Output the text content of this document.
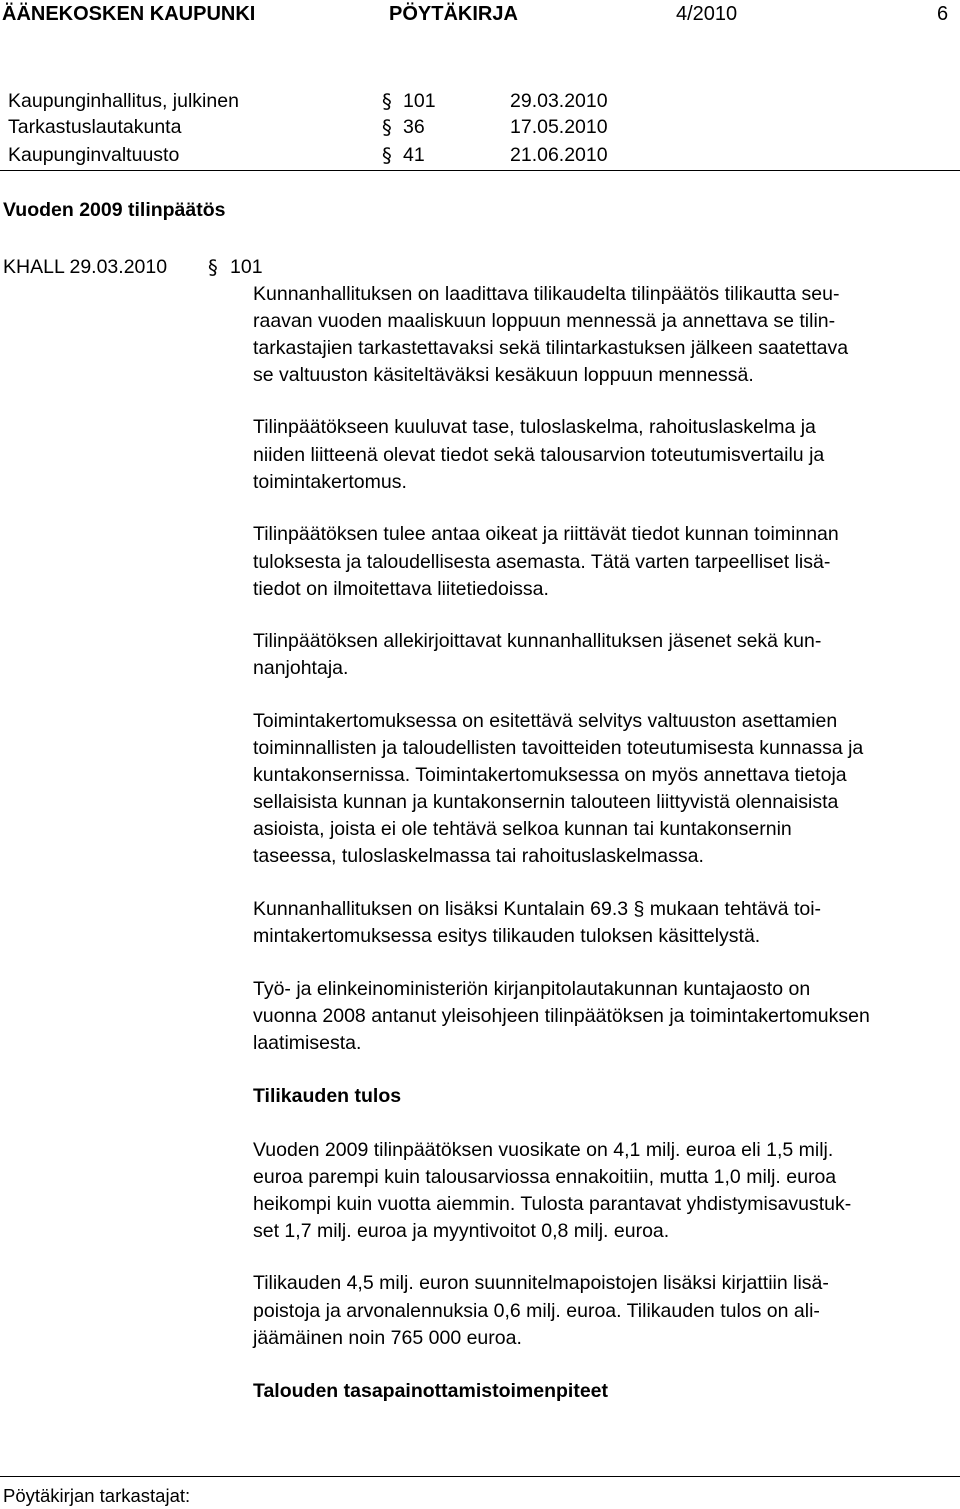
ÄÄNEKOSKEN KAUPUNKI	PÖYTÄKIRJA	4/2010	6
Kaupunginhallitus, julkinen	§ 101	29.03.2010
Tarkastuslautakunta	§ 36	17.05.2010
Kaupunginvaltuusto	§ 41	21.06.2010
Vuoden 2009 tilinpäätös
KHALL 29.03.2010 § 101
Kunnanhallituksen on laadittava tilikaudelta tilinpäätös tilikautta seu-
raavan vuoden maaliskuun loppuun mennessä ja annettava se tilin-
tarkastajien tarkastettavaksi sekä tilintarkastuksen jälkeen saatettava
se valtuuston käsiteltäväksi kesäkuun loppuun mennessä.
Tilinpäätökseen kuuluvat tase, tuloslaskelma, rahoituslaskelma ja
niiden liitteenä olevat tiedot sekä talousarvion toteutumisvertailu ja
toimintakertomus.
Tilinpäätöksen tulee antaa oikeat ja riittävät tiedot kunnan toiminnan
tuloksesta ja taloudellisesta asemasta. Tätä varten tarpeelliset lisä-
tiedot on ilmoitettava liitetiedoissa.
Tilinpäätöksen allekirjoittavat kunnanhallituksen jäsenet sekä kun-
nanjohtaja.
Toimintakertomuksessa on esitettävä selvitys valtuuston asettamien
toiminnallisten ja taloudellisten tavoitteiden toteutumisesta kunnassa ja
kuntakonsernissa. Toimintakertomuksessa on myös annettava tietoja
sellaisista kunnan ja kuntakonsernin talouteen liittyvistä olennaisista
asioista, joista ei ole tehtävä selkoa kunnan tai kuntakonsernin
taseessa, tuloslaskelmassa tai rahoituslaskelmassa.
Kunnanhallituksen on lisäksi Kuntalain 69.3 § mukaan tehtävä toi-
mintakertomuksessa esitys tilikauden tuloksen käsittelystä.
Työ- ja elinkeinoministeriön kirjanpitolautakunnan kuntajaosto on
vuonna 2008 antanut yleisohjeen tilinpäätöksen ja toimintakertomuksen
laatimisesta.
Tilikauden tulos
Vuoden 2009 tilinpäätöksen vuosikate on 4,1 milj. euroa eli 1,5 milj.
euroa parempi kuin talousarviossa ennakoitiin, mutta 1,0 milj. euroa
heikompi kuin vuotta aiemmin. Tulosta parantavat yhdistymisavustuk-
set 1,7 milj. euroa ja myyntivoitot 0,8 milj. euroa.
Tilikauden 4,5 milj. euron suunnitelmapoistojen lisäksi kirjattiin lisä-
poistoja ja arvonalennuksia 0,6 milj. euroa. Tilikauden tulos on ali-
jäämäinen noin 765 000 euroa.
Talouden tasapainottamistoimenpiteet
Pöytäkirjan tarkastajat:
